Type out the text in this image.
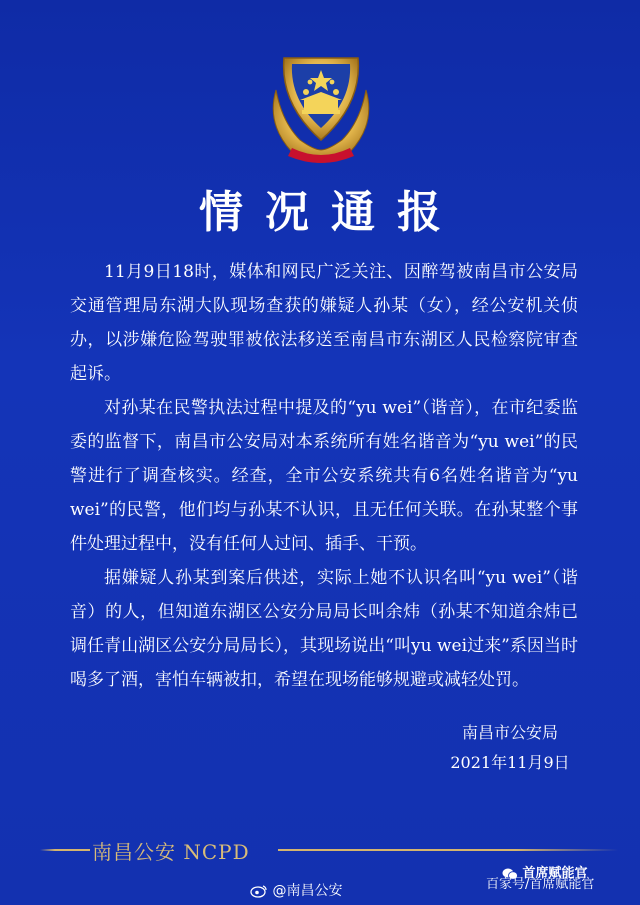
情况通报

11月9日18时，媒体和网民广泛关注、因醉驾被南昌市公安局交通管理局东湖大队现场查获的嫌疑人孙某（女），经公安机关侦办，以涉嫌危险驾驶罪被依法移送至南昌市东湖区人民检察院审查起诉。

对孙某在民警执法过程中提及的“yu wei”（谐音），在市纪委监委的监督下，南昌市公安局对本系统所有姓名谐音为“yu wei”的民警进行了调查核实。经查，全市公安系统共有6名姓名谐音为“yu wei”的民警，他们均与孙某不认识，且无任何关联。在孙某整个事件处理过程中，没有任何人过问、插手、干预。

据嫌疑人孙某到案后供述，实际上她不认识名叫“yu wei”（谐音）的人，但知道东湖区公安分局局长叫余炜（孙某不知道余炜已调任青山湖区公安分局局长），其现场说出“叫yu wei过来”系因当时喝多了酒，害怕车辆被扣，希望在现场能够规避或减轻处罚。

南昌市公安局
2021年11月9日
南昌公安 NCPD
首席赋能官
百家号/首席赋能官
@南昌公安
